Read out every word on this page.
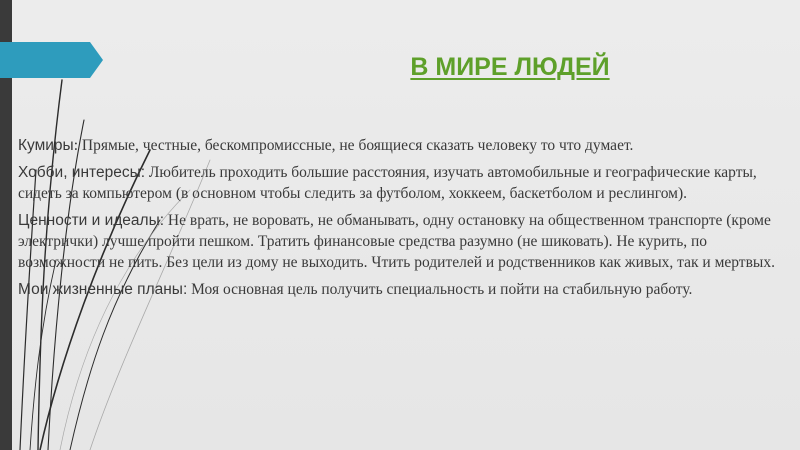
В МИРЕ ЛЮДЕЙ

Кумиры: Прямые, честные, бескомпромиссные, не боящиеся сказать человеку то что думает.

Хобби, интересы: Любитель проходить большие расстояния, изучать автомобильные и географические карты, сидеть за компьютером (в основном чтобы следить за футболом, хоккеем, баскетболом и реслингом).

Ценности и идеалы: Не врать, не воровать, не обманывать, одну остановку на общественном транспорте (кроме электрички) лучше пройти пешком. Тратить финансовые средства разумно (не шиковать). Не курить, по возможности не пить. Без цели из дому не выходить. Чтить родителей и родственников как живых, так и мертвых.

Мои жизненные планы: Моя основная цель получить специальность и пойти на стабильную работу.
